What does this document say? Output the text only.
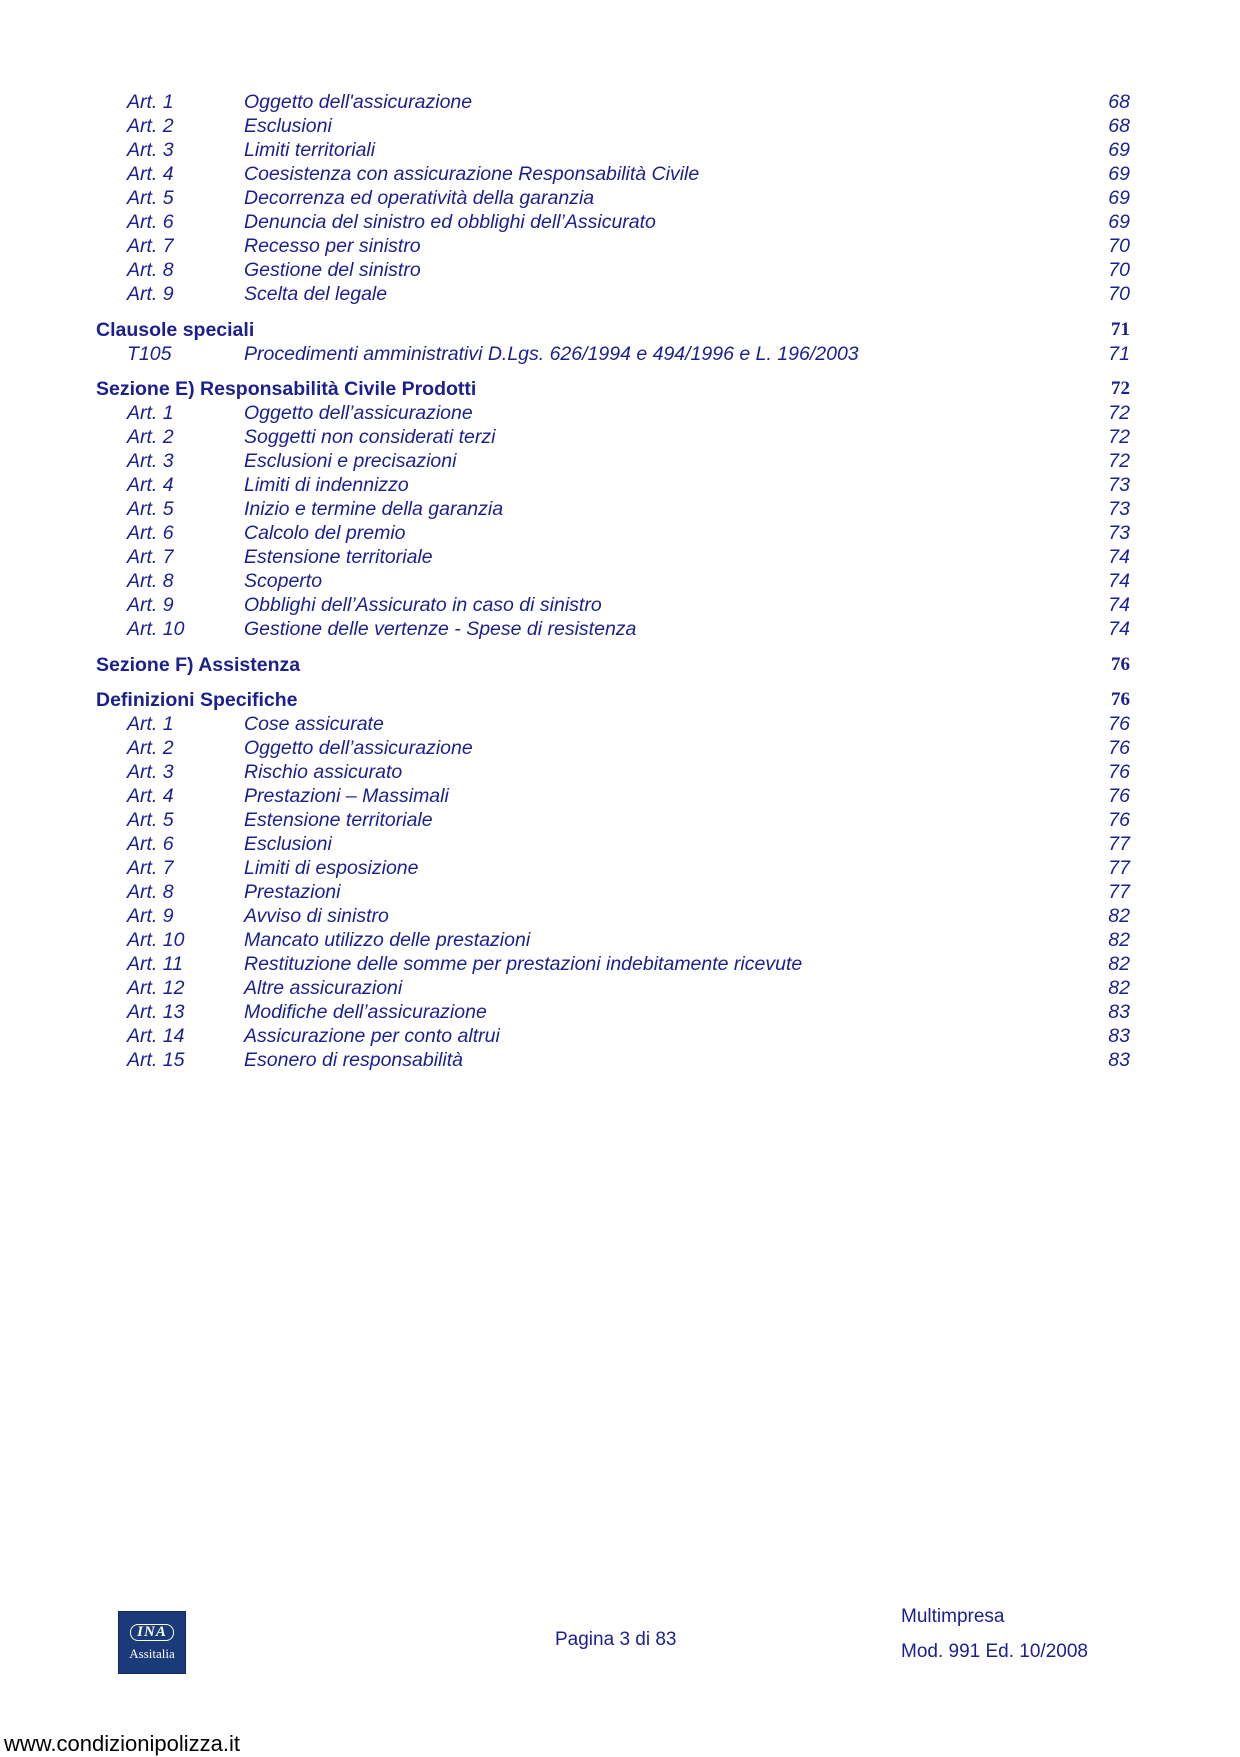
Art. 1	Oggetto dell'assicurazione	68
Art. 2	Esclusioni	68
Art. 3	Limiti territoriali	69
Art. 4	Coesistenza con assicurazione Responsabilità Civile	69
Art. 5	Decorrenza ed operatività della garanzia	69
Art. 6	Denuncia del sinistro ed obblighi dell’Assicurato	69
Art. 7	Recesso per sinistro	70
Art. 8	Gestione del sinistro	70
Art. 9	Scelta del legale	70
Clausole speciali	71
T105	Procedimenti amministrativi D.Lgs. 626/1994 e 494/1996 e L. 196/2003	71
Sezione E) Responsabilità Civile Prodotti	72
Art. 1	Oggetto dell’assicurazione	72
Art. 2	Soggetti non considerati terzi	72
Art. 3	Esclusioni e precisazioni	72
Art. 4	Limiti di indennizzo	73
Art. 5	Inizio e termine della garanzia	73
Art. 6	Calcolo del premio	73
Art. 7	Estensione territoriale	74
Art. 8	Scoperto	74
Art. 9	Obblighi dell’Assicurato in caso di sinistro	74
Art. 10	Gestione delle vertenze - Spese di resistenza	74
Sezione F) Assistenza	76
Definizioni Specifiche	76
Art. 1	Cose assicurate	76
Art. 2	Oggetto dell’assicurazione	76
Art. 3	Rischio assicurato	76
Art. 4	Prestazioni – Massimali	76
Art. 5	Estensione territoriale	76
Art. 6	Esclusioni	77
Art. 7	Limiti di esposizione	77
Art. 8	Prestazioni	77
Art. 9	Avviso di sinistro	82
Art. 10	Mancato utilizzo delle prestazioni	82
Art. 11	Restituzione delle somme per prestazioni indebitamente ricevute	82
Art. 12	Altre assicurazioni	82
Art. 13	Modifiche dell’assicurazione	83
Art. 14	Assicurazione per conto altrui	83
Art. 15	Esonero di responsabilità	83
INA
Assitalia
Pagina 3 di 83
Multimpresa
Mod. 991 Ed. 10/2008
www.condizionipolizza.it
